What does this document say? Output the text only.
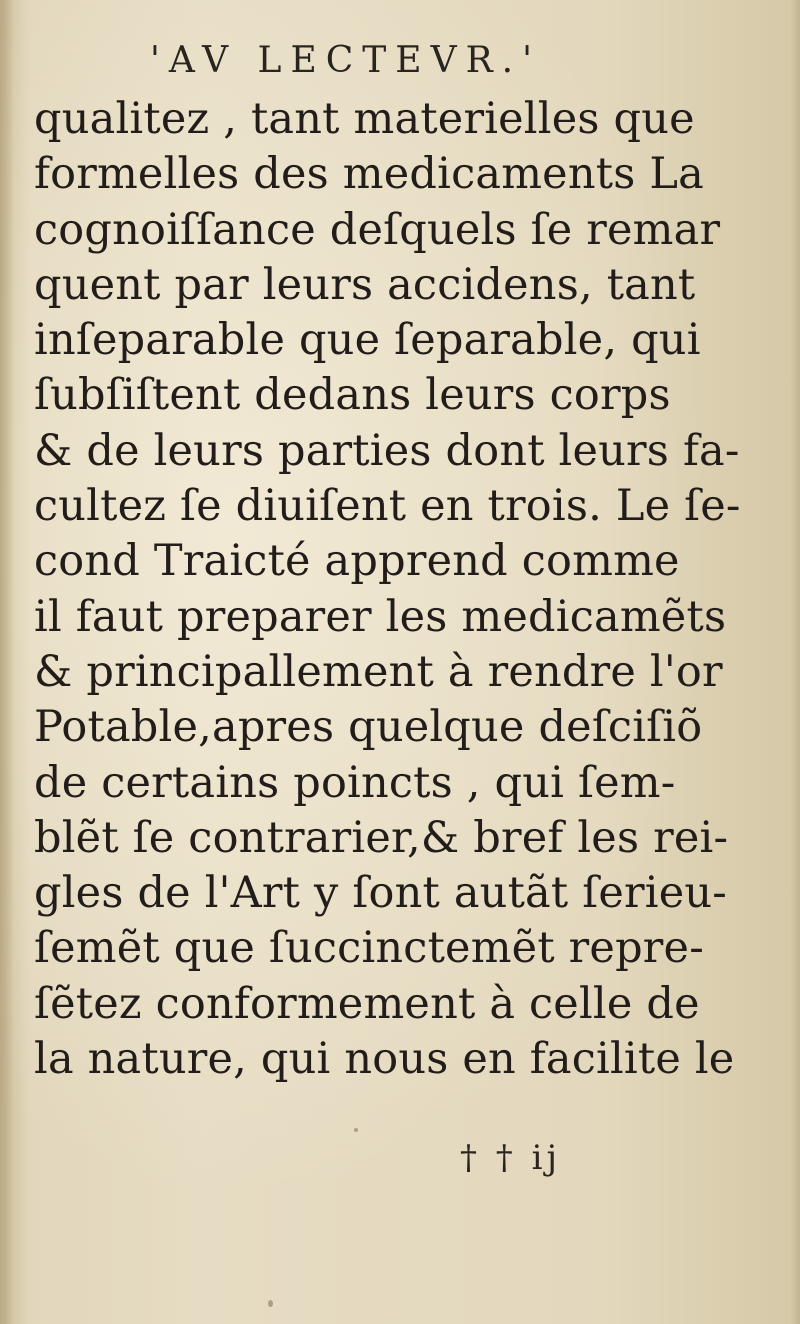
'AV LECTEVR.'
qualitez , tant materielles que
formelles des medicaments La
cognoiſſance deſquels ſe remar
quent par leurs accidens, tant
inſeparable que ſeparable, qui
ſubſiſtent dedans leurs corps
& de leurs parties dont leurs fa-
cultez ſe diuiſent en trois. Le ſe-
cond Traicté apprend comme
il faut preparer les medicamẽts
& principallement à rendre l'or
Potable,apres quelque deſciſiõ
de certains poincts , qui ſem-
blẽt ſe contrarier,& bref les rei-
gles de l'Art y ſont autãt ſerieu-
ſemẽt que ſuccinctemẽt repre-
ſẽtez conformement à celle de
la nature, qui nous en facilite le
† † ij
